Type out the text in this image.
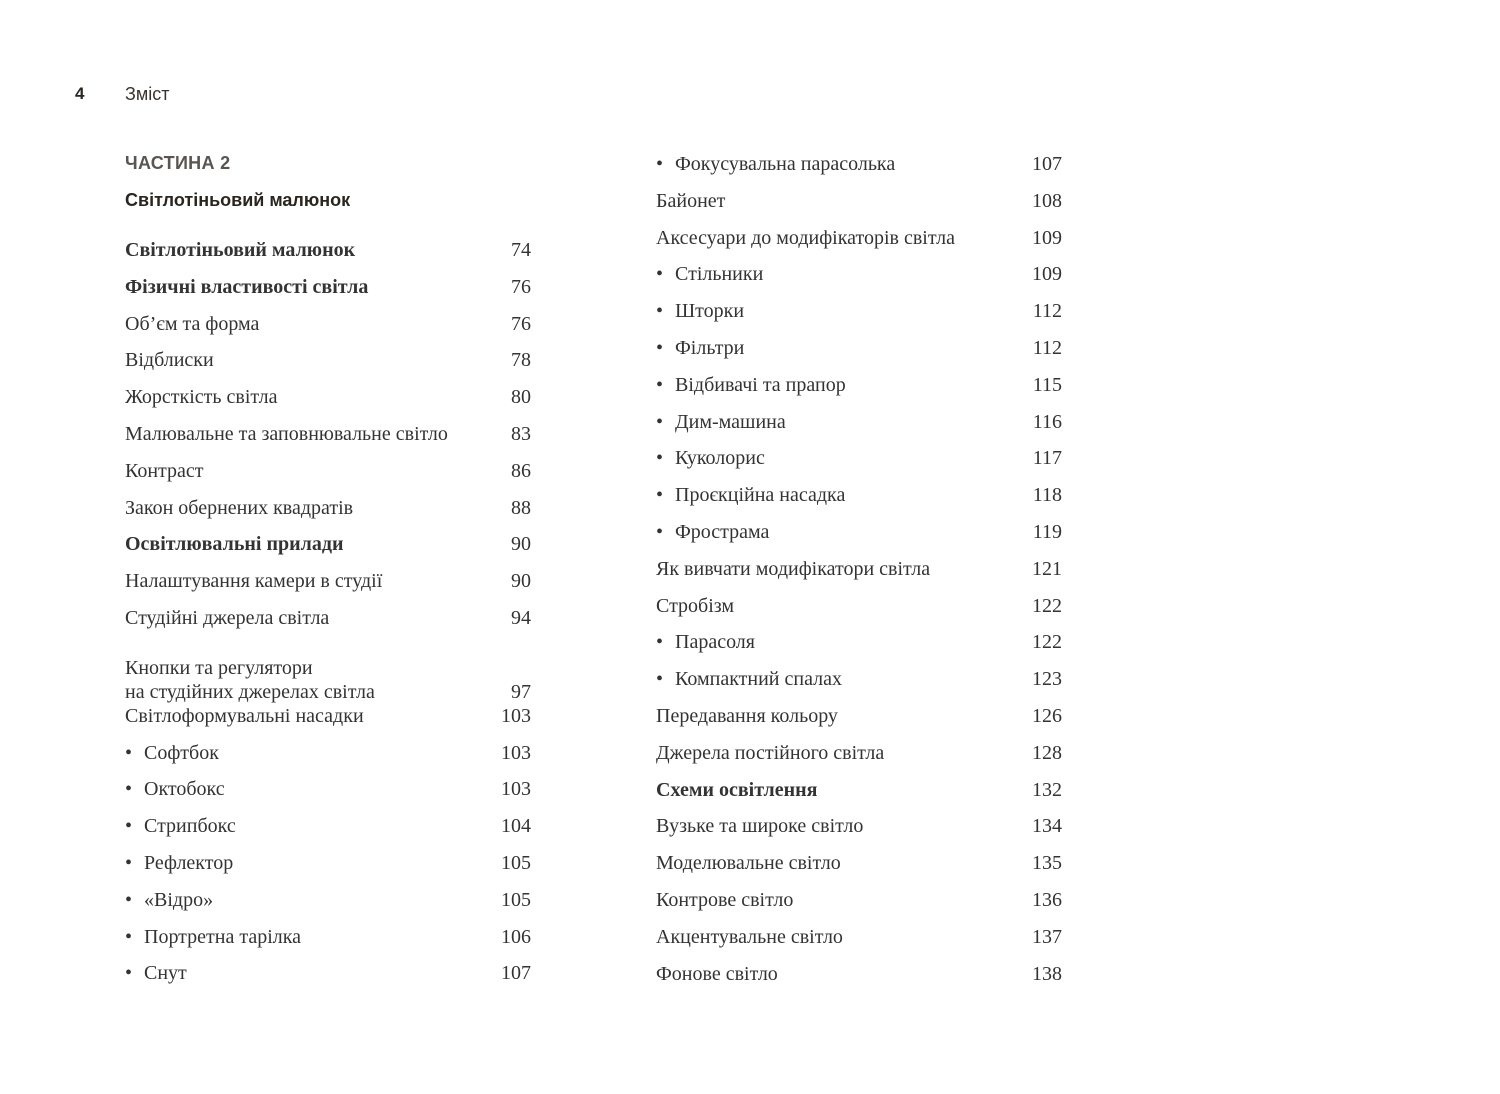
4 Зміст
ЧАСТИНА 2
Світлотіньовий малюнок
Світлотіньовий малюнок	74
Фізичні властивості світла	76
Об’єм та форма	76
Відблиски	78
Жорсткість світла	80
Малювальне та заповнювальне світло	83
Контраст	86
Закон обернених квадратів	88
Освітлювальні прилади	90
Налаштування камери в студії	90
Студійні джерела світла	94
Кнопки та регулятори
на студійних джерелах світла	97
Світлоформувальні насадки	103
• Софтбок	103
• Октобокс	103
• Стрипбокс	104
• Рефлектор	105
• «Відро»	105
• Портретна тарілка	106
• Снут	107
• Фокусувальна парасолька	107
Байонет	108
Аксесуари до модифікаторів світла	109
• Стільники	109
• Шторки	112
• Фільтри	112
• Відбивачі та прапор	115
• Дим-машина	116
• Куколорис	117
• Проєкційна насадка	118
• Фрострама	119
Як вивчати модифікатори світла	121
Стробізм	122
• Парасоля	122
• Компактний спалах	123
Передавання кольору	126
Джерела постійного світла	128
Схеми освітлення	132
Вузьке та широке світло	134
Моделювальне світло	135
Контрове світло	136
Акцентувальне світло	137
Фонове світло	138
